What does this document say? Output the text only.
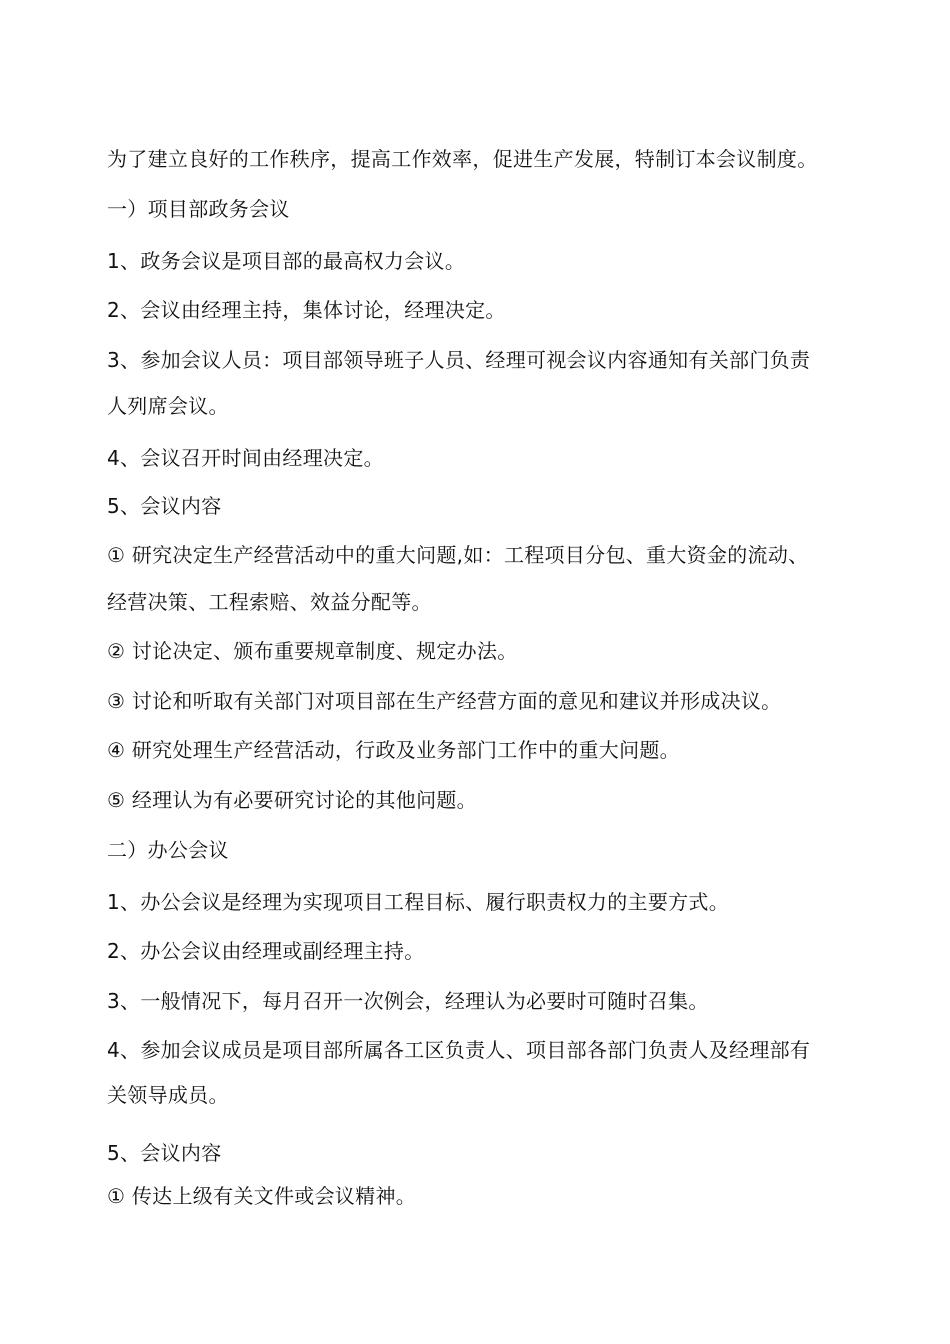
为了建立良好的工作秩序，提高工作效率，促进生产发展，特制订本会议制度。
一）项目部政务会议
1、政务会议是项目部的最高权力会议。
2、会议由经理主持，集体讨论，经理决定。
3、参加会议人员：项目部领导班子人员、经理可视会议内容通知有关部门负责
人列席会议。
4、会议召开时间由经理决定。
5、会议内容
① 研究决定生产经营活动中的重大问题,如：工程项目分包、重大资金的流动、
经营决策、工程索赔、效益分配等。
② 讨论决定、颁布重要规章制度、规定办法。
③ 讨论和听取有关部门对项目部在生产经营方面的意见和建议并形成决议。
④ 研究处理生产经营活动，行政及业务部门工作中的重大问题。
⑤ 经理认为有必要研究讨论的其他问题。
二）办公会议
1、办公会议是经理为实现项目工程目标、履行职责权力的主要方式。
2、办公会议由经理或副经理主持。
3、一般情况下，每月召开一次例会，经理认为必要时可随时召集。
4、参加会议成员是项目部所属各工区负责人、项目部各部门负责人及经理部有
关领导成员。
5、会议内容
① 传达上级有关文件或会议精神。
